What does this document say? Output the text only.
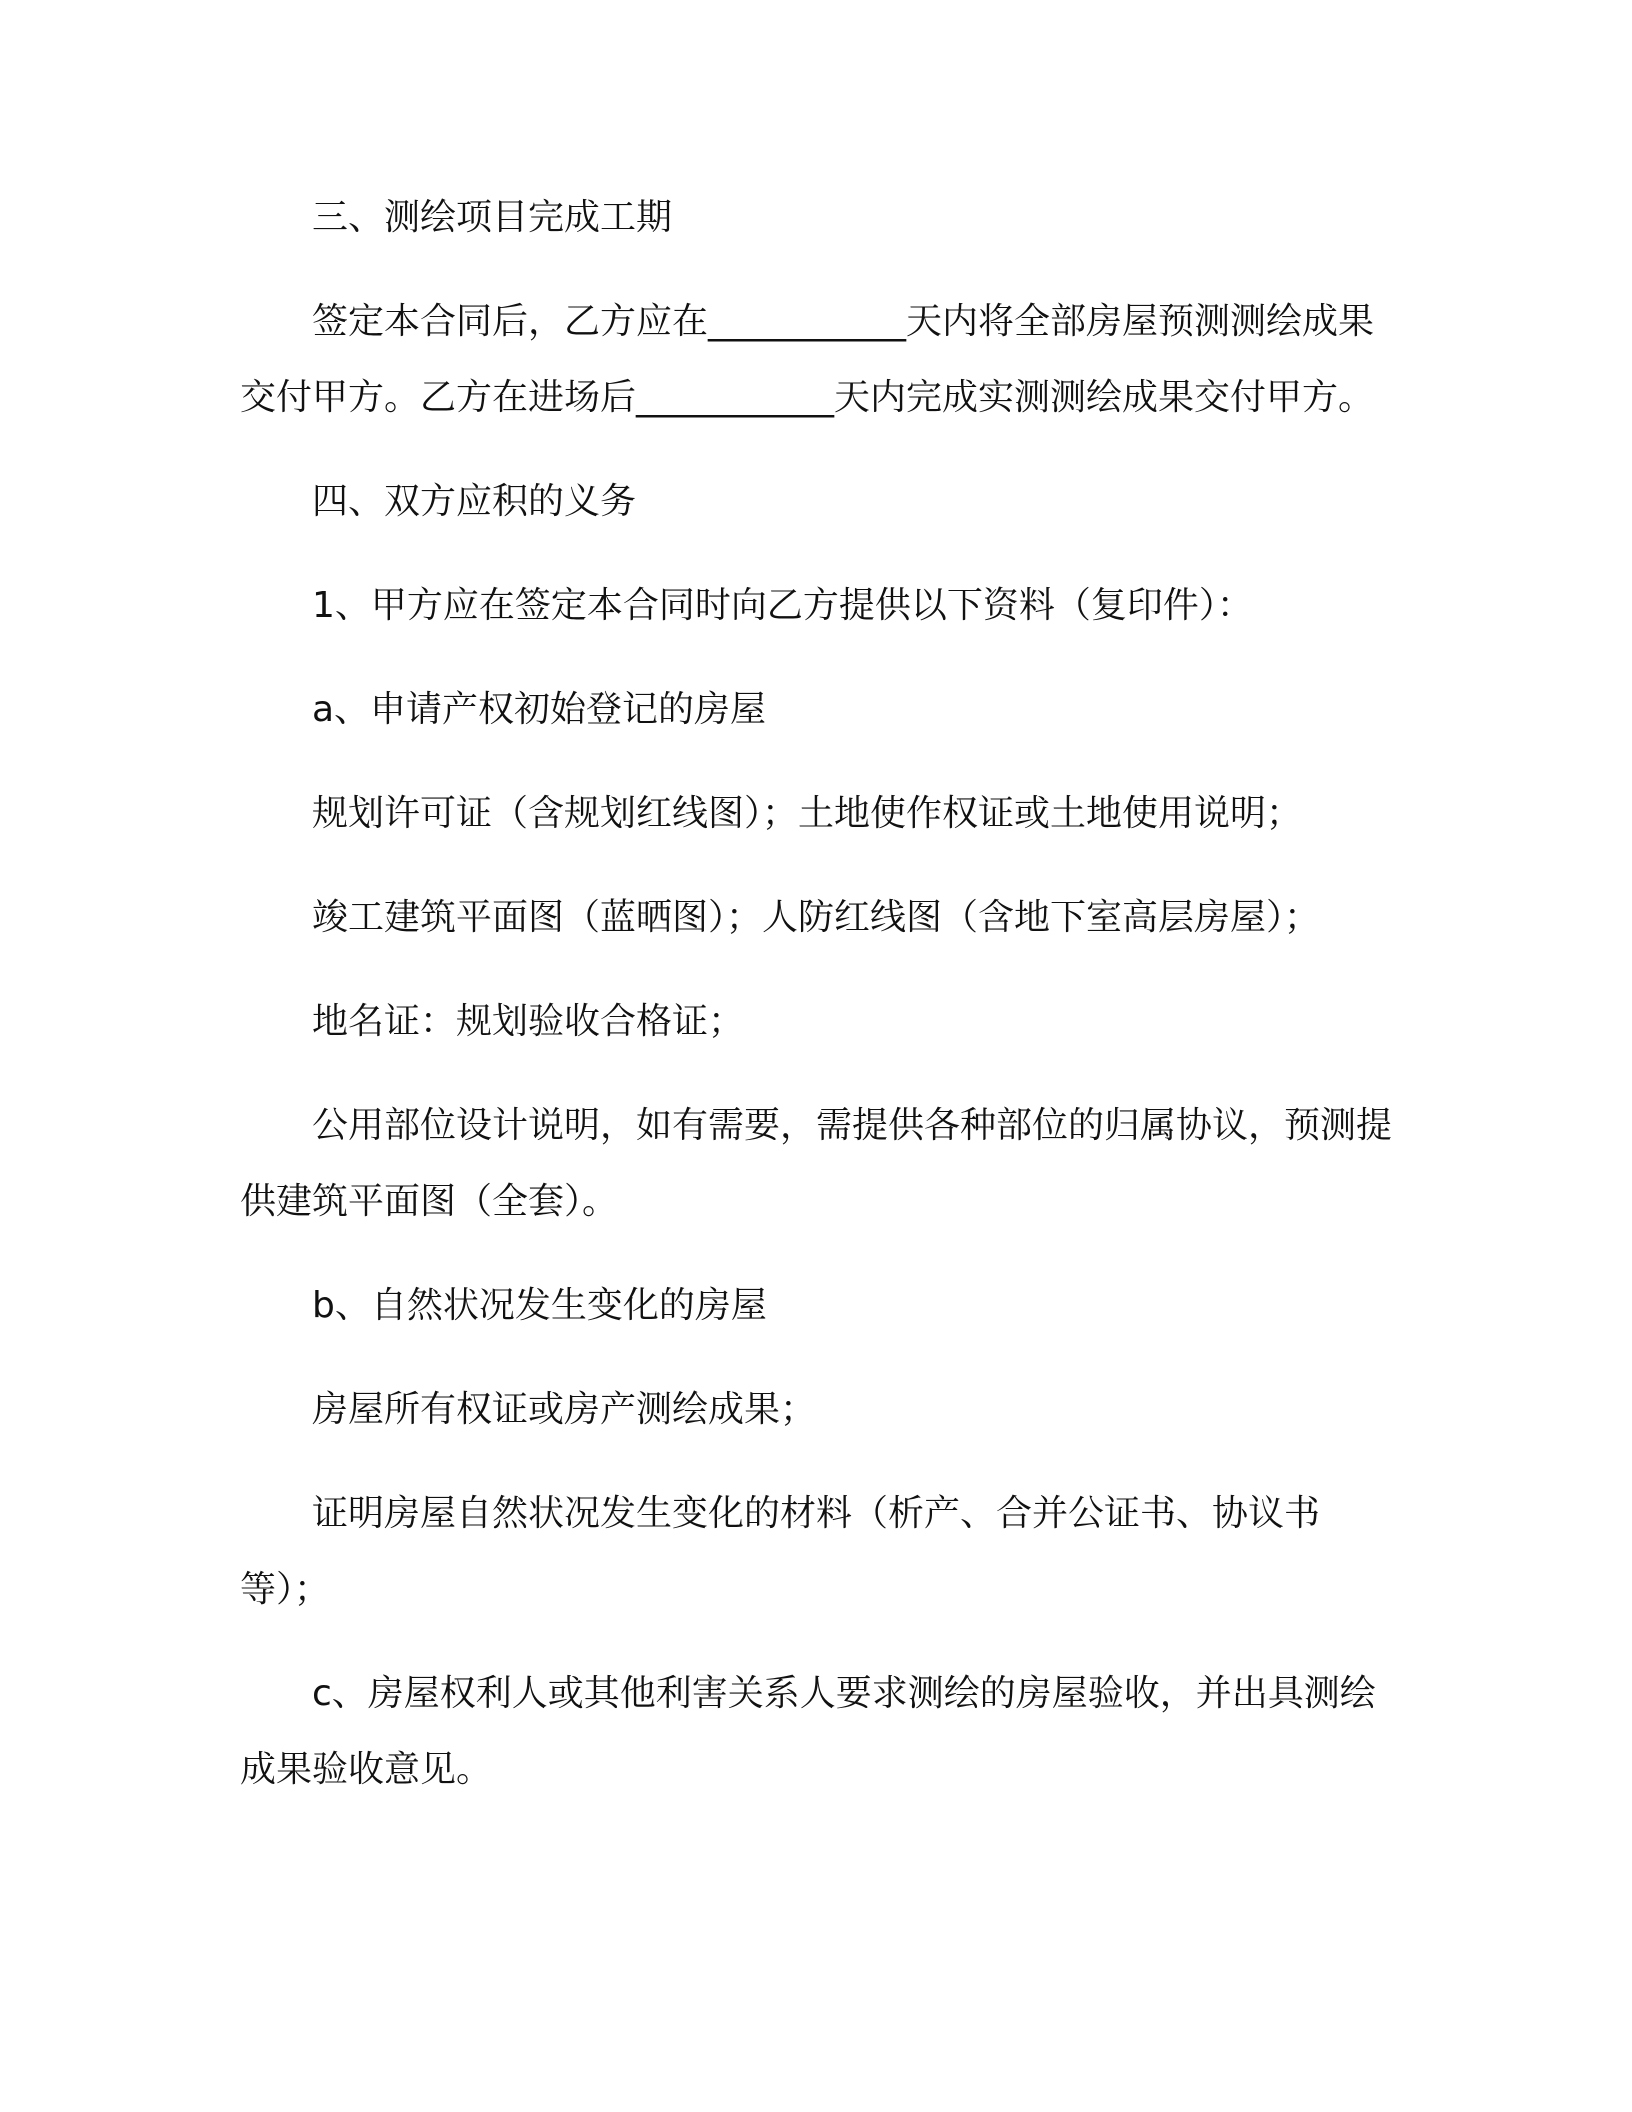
三、测绘项目完成工期

签定本合同后，乙方应在___________天内将全部房屋预测测绘成果交付甲方。乙方在进场后___________天内完成实测测绘成果交付甲方。

四、双方应积的义务

1、甲方应在签定本合同时向乙方提供以下资料（复印件）：

a、申请产权初始登记的房屋

规划许可证（含规划红线图）；土地使作权证或土地使用说明；

竣工建筑平面图（蓝晒图）；人防红线图（含地下室高层房屋）；

地名证：规划验收合格证；

公用部位设计说明，如有需要，需提供各种部位的归属协议，预测提供建筑平面图（全套）。

b、自然状况发生变化的房屋

房屋所有权证或房产测绘成果；

证明房屋自然状况发生变化的材料（析产、合并公证书、协议书等）；

c、房屋权利人或其他利害关系人要求测绘的房屋验收，并出具测绘成果验收意见。
